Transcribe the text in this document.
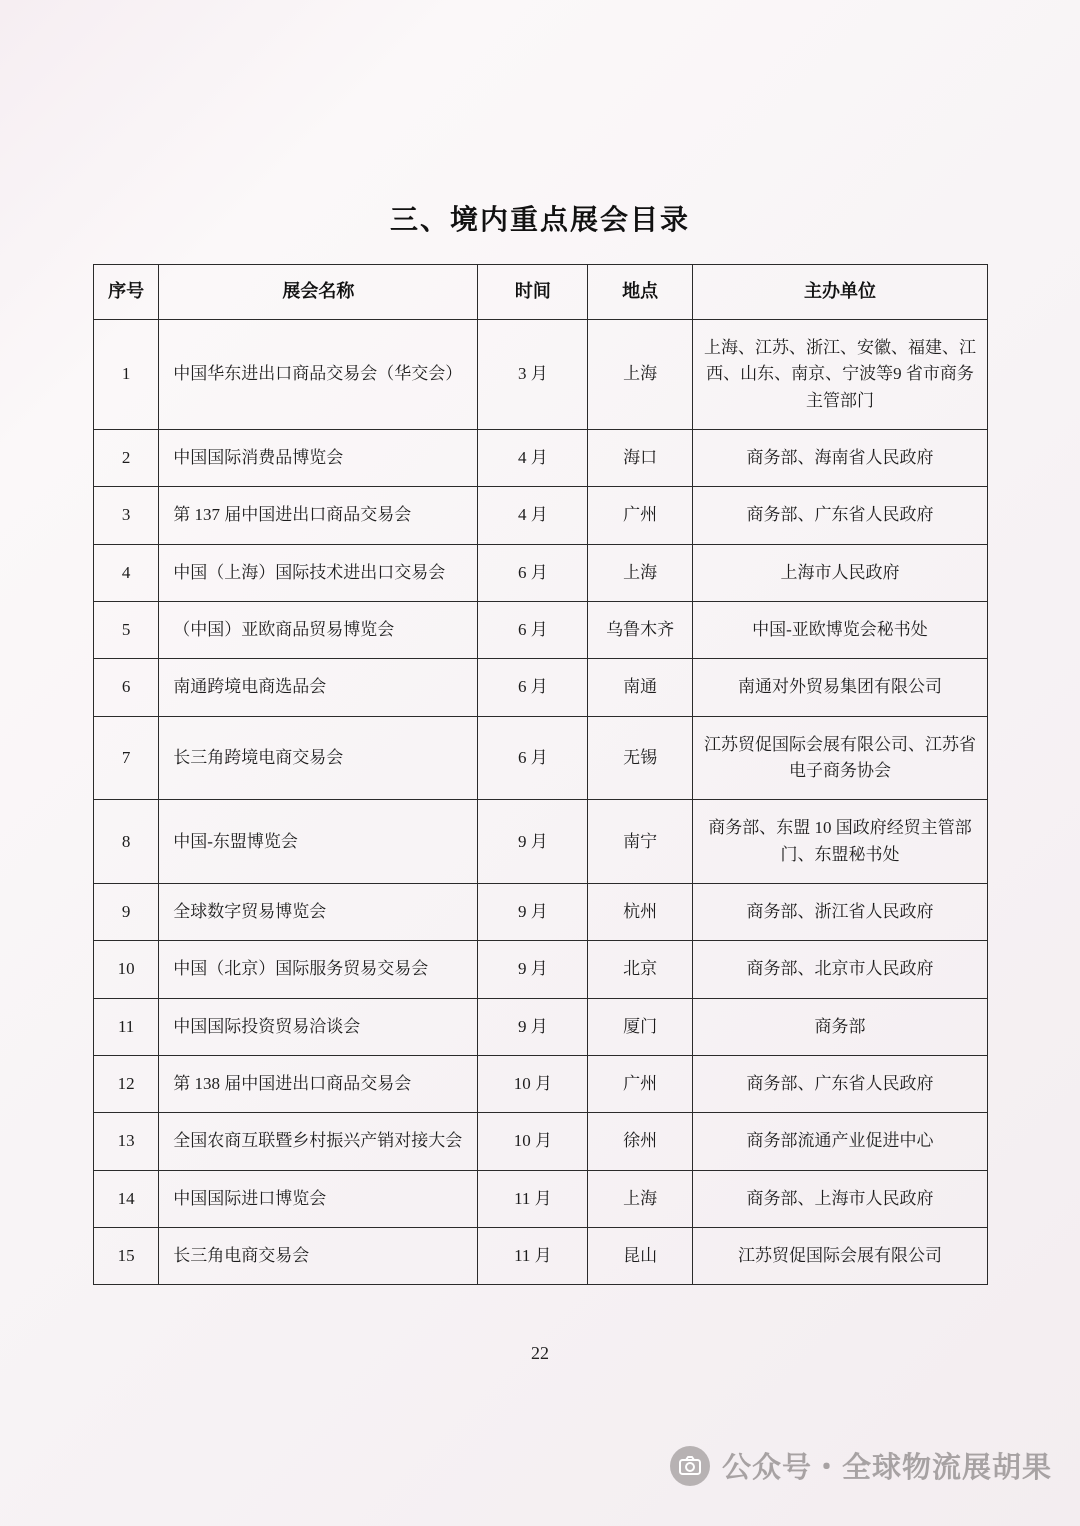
三、境内重点展会目录
序号	展会名称	时间	地点	主办单位
1	中国华东进出口商品交易会（华交会）	3 月	上海	上海、江苏、浙江、安徽、福建、江西、山东、南京、宁波等9 省市商务主管部门
2	中国国际消费品博览会	4 月	海口	商务部、海南省人民政府
3	第 137 届中国进出口商品交易会	4 月	广州	商务部、广东省人民政府
4	中国（上海）国际技术进出口交易会	6 月	上海	上海市人民政府
5	（中国）亚欧商品贸易博览会	6 月	乌鲁木齐	中国-亚欧博览会秘书处
6	南通跨境电商选品会	6 月	南通	南通对外贸易集团有限公司
7	长三角跨境电商交易会	6 月	无锡	江苏贸促国际会展有限公司、江苏省电子商务协会
8	中国-东盟博览会	9 月	南宁	商务部、东盟 10 国政府经贸主管部门、东盟秘书处
9	全球数字贸易博览会	9 月	杭州	商务部、浙江省人民政府
10	中国（北京）国际服务贸易交易会	9 月	北京	商务部、北京市人民政府
11	中国国际投资贸易洽谈会	9 月	厦门	商务部
12	第 138 届中国进出口商品交易会	10 月	广州	商务部、广东省人民政府
13	全国农商互联暨乡村振兴产销对接大会	10 月	徐州	商务部流通产业促进中心
14	中国国际进口博览会	11 月	上海	商务部、上海市人民政府
15	长三角电商交易会	11 月	昆山	江苏贸促国际会展有限公司
22
公众号・全球物流展胡果
